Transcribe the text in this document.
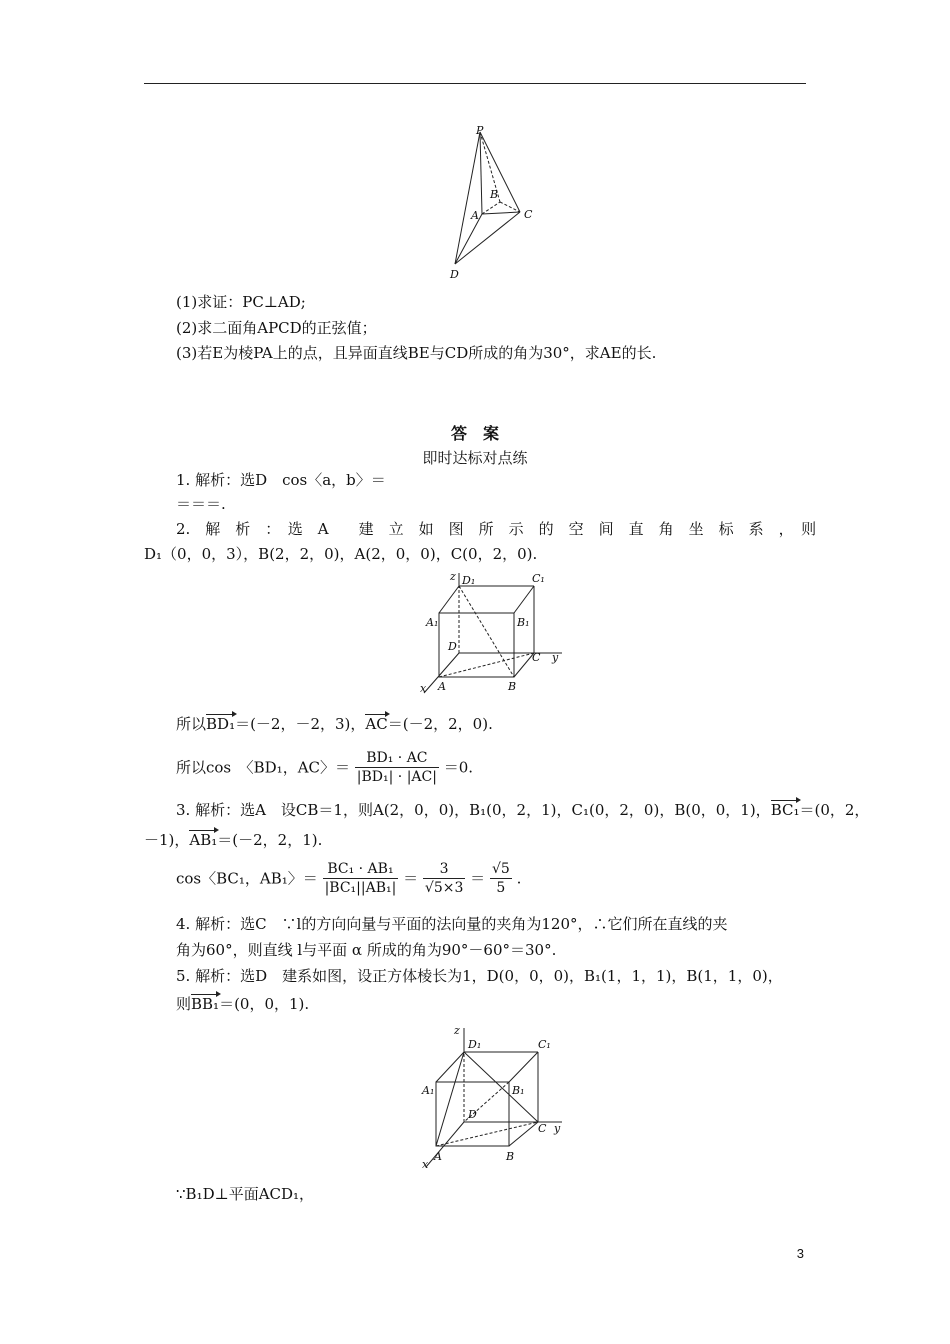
P
B
A	C
D
(1)求证：PC⊥AD;
(2)求二面角APCD的正弦值；
(3)若E为棱PA上的点，且异面直线BE与CD所成的角为30°，求AE的长.
答　案
即时达标对点练
1. 解析：选D　cos〈a，b〉＝
＝＝＝.
2.　解　析　：　选　A　　建　立　如　图　所　示　的　空　间　直　角　坐　标　系　，　则
D₁（0，0，3），B(2，2，0)，A(2，0，0)，C(0，2，0).
z D₁	C₁
A₁	B₁
D
C y
x A	B
所以BD₁＝(－2，－2，3)，AC＝(－2，2，0).
所以cos　〈BD₁，AC〉＝ $\frac{\text{BD₁ · AC}}{\text{|BD₁| · |AC|}} =0$.
3. 解析：选A　设CB＝1，则A(2，0，0)，B₁(0，2，1)，C₁(0，2，0)，B(0，0，1)，BC₁＝(0，2，
－1)，AB₁＝(－2，2，1).
cos〈BC₁，AB₁〉＝ $\frac{\text{BC₁ · AB₁}}{\text{|BC₁||AB₁|}} = \frac{3}{√5\times 3} = \frac{√5}{5}$ .
4. 解析：选C　∵l的方向向量与平面的法向量的夹角为120°，∴它们所在直线的夹
角为60°，则直线 l与平面 α 所成的角为90°－60°＝30°.
5. 解析：选D　建系如图，设正方体棱长为1，D(0，0，0)，B₁(1，1，1)，B(1，1，0)，
则BB₁＝(0，0，1).
z
D₁	C₁
A₁	B₁
D
C y
x
A	B
∵B₁D⊥平面ACD₁，
3
